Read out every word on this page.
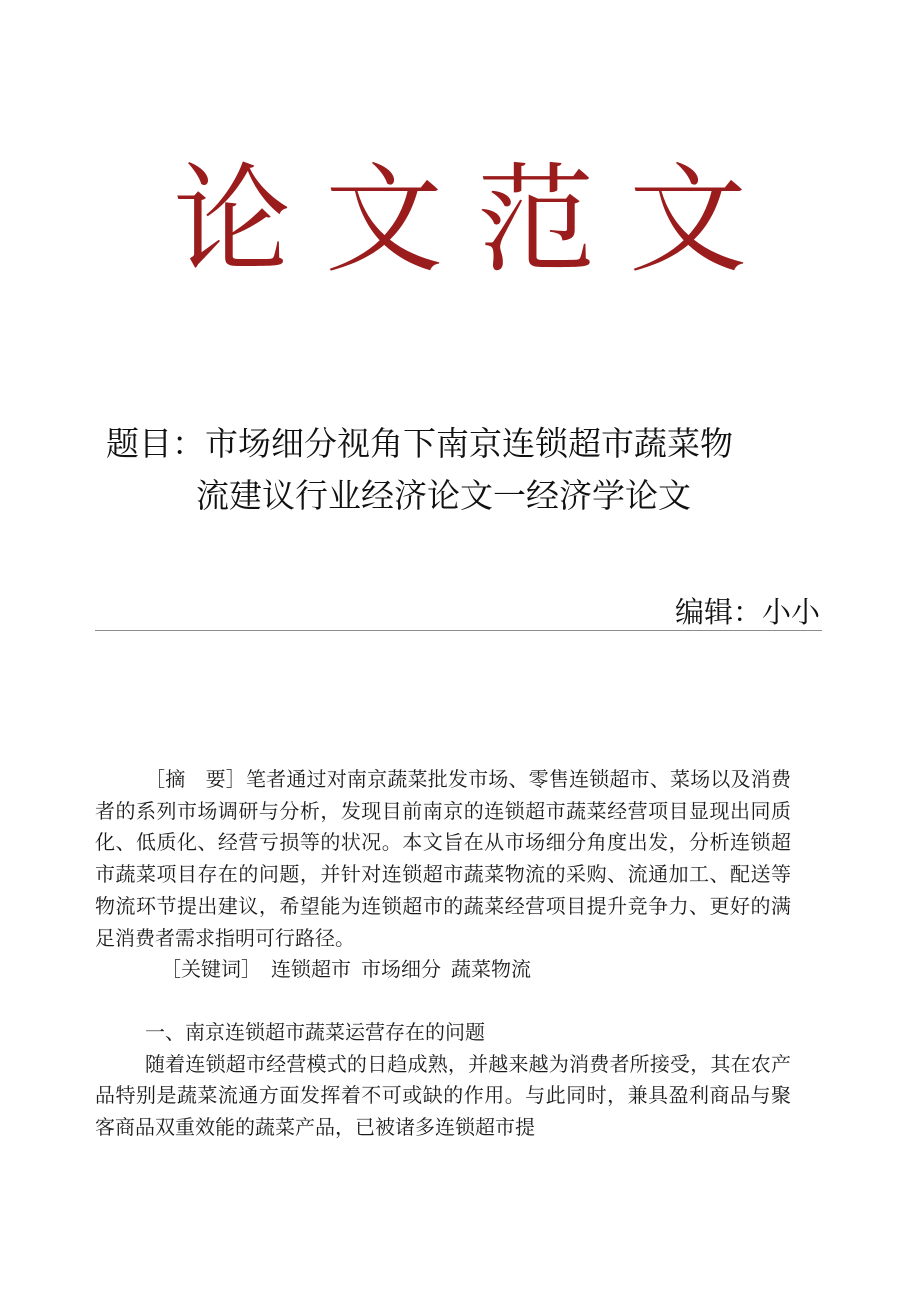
论文范文
题目：市场细分视角下南京连锁超市蔬菜物
流建议行业经济论文一经济学论文
编辑：小小

［摘　要］笔者通过对南京蔬菜批发市场、零售连锁超市、菜场以及消费者的系列市场调研与分析，发现目前南京的连锁超市蔬菜经营项目显现出同质化、低质化、经营亏损等的状况。本文旨在从市场细分角度出发，分析连锁超市蔬菜项目存在的问题，并针对连锁超市蔬菜物流的采购、流通加工、配送等物流环节提出建议，希望能为连锁超市的蔬菜经营项目提升竞争力、更好的满足消费者需求指明可行路径。

［关键词］ 连锁超市 市场细分 蔬菜物流

一、南京连锁超市蔬菜运营存在的问题

随着连锁超市经营模式的日趋成熟，并越来越为消费者所接受，其在农产品特别是蔬菜流通方面发挥着不可或缺的作用。与此同时，兼具盈利商品与聚客商品双重效能的蔬菜产品，已被诸多连锁超市提
